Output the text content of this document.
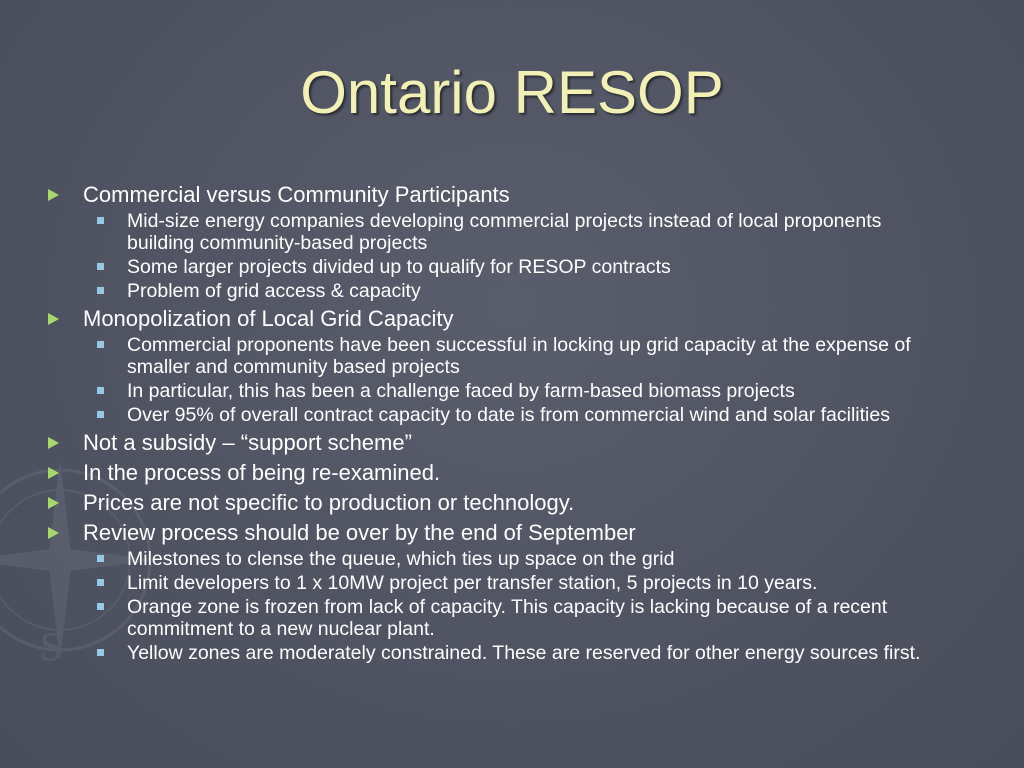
S
Ontario RESOP
Commercial versus Community Participants
Mid-size energy companies developing commercial projects instead of local proponents building community-based projects
Some larger projects divided up to qualify for RESOP contracts
Problem of grid access & capacity
Monopolization of Local Grid Capacity
Commercial proponents have been successful in locking up grid capacity at the expense of smaller and community based projects
In particular, this has been a challenge faced by farm-based biomass projects
Over 95% of overall contract capacity to date is from commercial wind and solar facilities
Not a subsidy – “support scheme”
In the process of being re-examined.
Prices are not specific to production or technology.
Review process should be over by the end of September
Milestones to clense the queue, which ties up space on the grid
Limit developers to 1 x 10MW project per transfer station, 5 projects in 10 years.
Orange zone is frozen from lack of capacity. This capacity is lacking because of a recent commitment to a new nuclear plant.
Yellow zones are moderately constrained. These are reserved for other energy sources first.
